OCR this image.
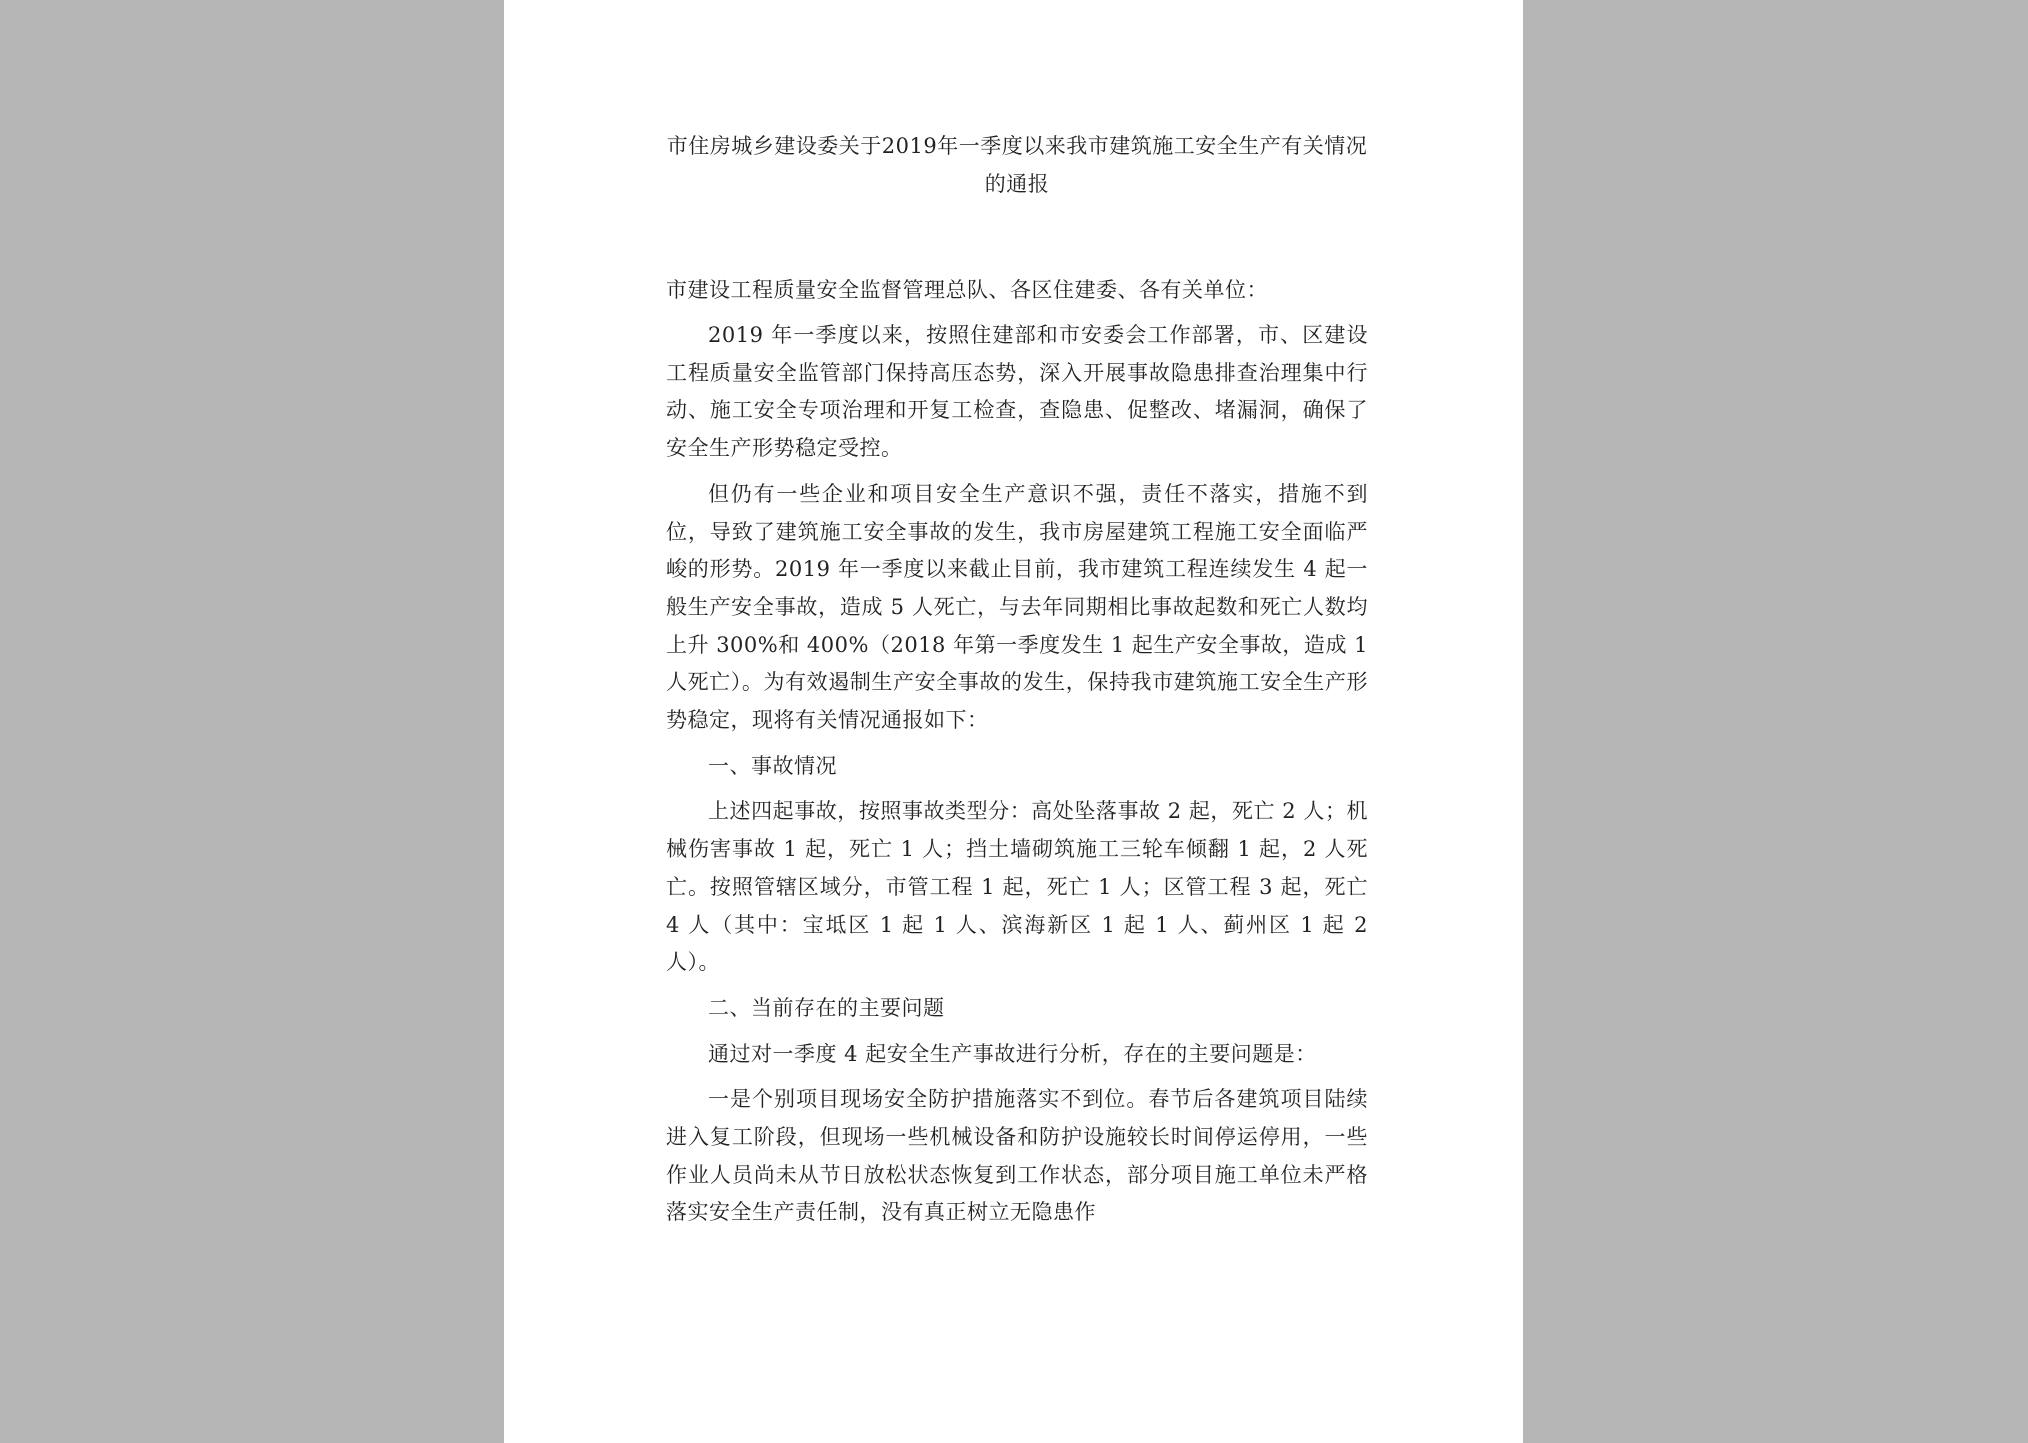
市住房城乡建设委关于2019年一季度以来我市建筑施工安全生产有关情况的通报

市建设工程质量安全监督管理总队、各区住建委、各有关单位：

2019 年一季度以来，按照住建部和市安委会工作部署，市、区建设工程质量安全监管部门保持高压态势，深入开展事故隐患排查治理集中行动、施工安全专项治理和开复工检查，查隐患、促整改、堵漏洞，确保了安全生产形势稳定受控。

但仍有一些企业和项目安全生产意识不强，责任不落实，措施不到位，导致了建筑施工安全事故的发生，我市房屋建筑工程施工安全面临严峻的形势。2019 年一季度以来截止目前，我市建筑工程连续发生 4 起一般生产安全事故，造成 5 人死亡，与去年同期相比事故起数和死亡人数均上升 300%和 400%（2018 年第一季度发生 1 起生产安全事故，造成 1 人死亡）。为有效遏制生产安全事故的发生，保持我市建筑施工安全生产形势稳定，现将有关情况通报如下：

一、事故情况

上述四起事故，按照事故类型分：高处坠落事故 2 起，死亡 2 人；机械伤害事故 1 起，死亡 1 人；挡土墙砌筑施工三轮车倾翻 1 起，2 人死亡。按照管辖区域分，市管工程 1 起，死亡 1 人；区管工程 3 起，死亡 4 人（其中：宝坻区 1 起 1 人、滨海新区 1 起 1 人、蓟州区 1 起 2 人）。

二、当前存在的主要问题

通过对一季度 4 起安全生产事故进行分析，存在的主要问题是：

一是个别项目现场安全防护措施落实不到位。春节后各建筑项目陆续进入复工阶段，但现场一些机械设备和防护设施较长时间停运停用，一些作业人员尚未从节日放松状态恢复到工作状态，部分项目施工单位未严格落实安全生产责任制，没有真正树立无隐患作
